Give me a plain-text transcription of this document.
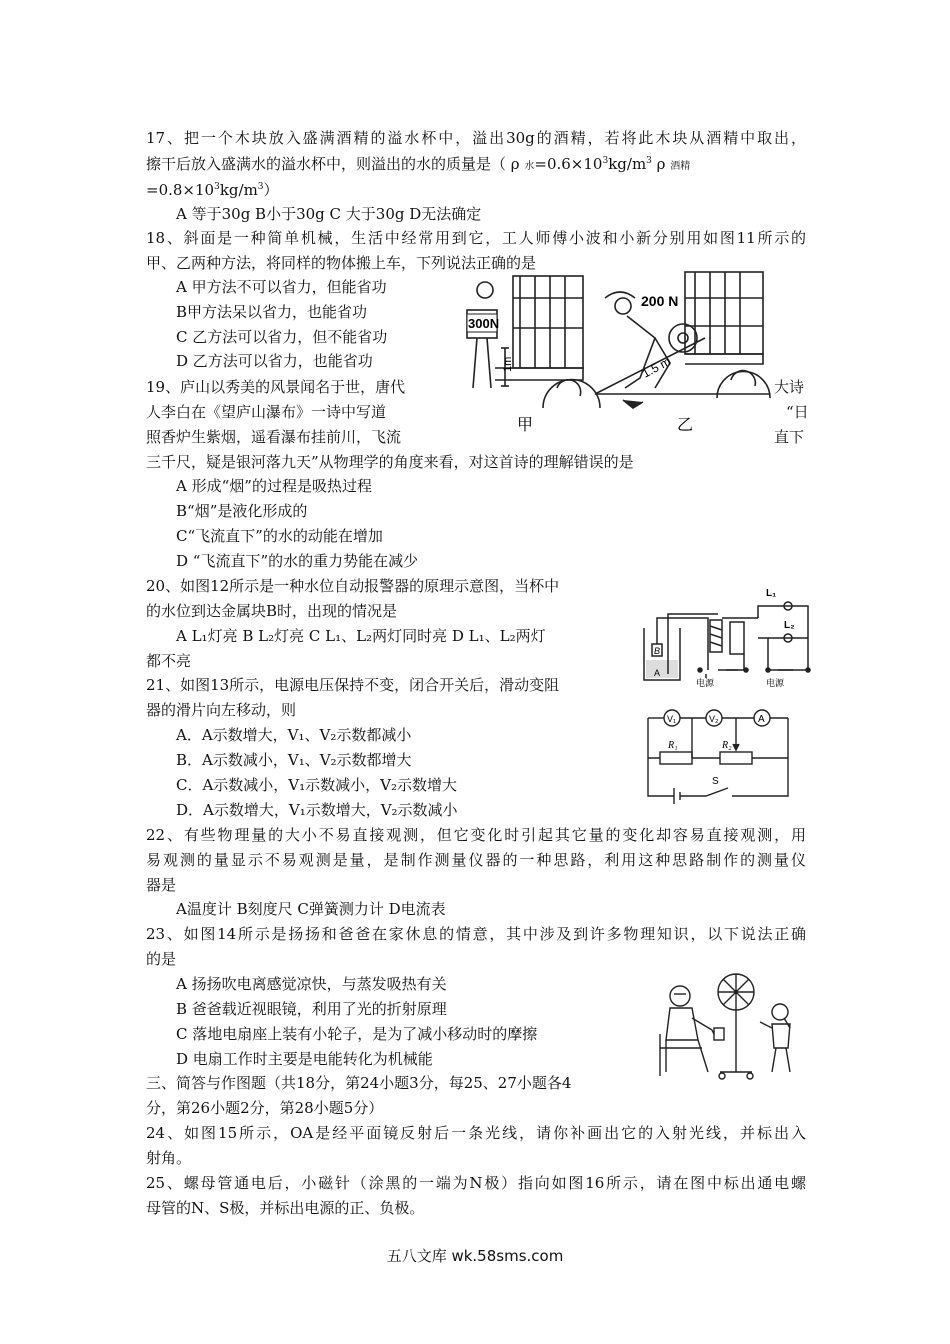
17、把一个木块放入盛满酒精的溢水杯中，溢出30g的酒精，若将此木块从酒精中取出，
擦干后放入盛满水的溢水杯中，则溢出的水的质量是（ ρ 水$=0.6\times 10^3kg/m^3$ ρ 酒精
$=0.8\times 10^3kg/m^3$）
A 等于30g B小于30g C 大于30g D无法确定
18、斜面是一种简单机械，生活中经常用到它，工人师傅小波和小新分别用如图11所示的
甲、乙两种方法，将同样的物体搬上车，下列说法正确的是
A 甲方法不可以省力，但能省功
B甲方法呆以省力，也能省功
C 乙方法可以省力，但不能省功
D 乙方法可以省力，也能省功
300N
200 N
1m	1.5 m
甲	乙
19、庐山以秀美的风景闻名于世，唐代	大诗
人李白在《望庐山瀑布》一诗中写道	“日
照香炉生紫烟，遥看瀑布挂前川，飞流	直下
三千尺，疑是银河落九天”从物理学的角度来看，对这首诗的理解错误的是
A 形成“烟”的过程是吸热过程
B“烟”是液化形成的
C“飞流直下”的水的动能在增加
D “飞流直下”的水的重力势能在减少
20、如图12所示是一种水位自动报警器的原理示意图，当杯中
的水位到达金属块B时，出现的情况是
A L₁灯亮 B L₂灯亮 C L₁、L₂两灯同时亮 D L₁、L₂两灯
都不亮
L₁
L₂
B
A
电源	电源
21、如图13所示，电源电压保持不变，闭合开关后，滑动变阻
器的滑片向左移动，则
A．A示数增大，V₁、V₂示数都减小
B．A示数减小，V₁、V₂示数都增大
C．A示数减小，V₁示数减小，V₂示数增大
D．A示数增大，V₁示数增大，V₂示数减小
V₁	V₂	A
R₁	R₂
S
22、有些物理量的大小不易直接观测，但它变化时引起其它量的变化却容易直接观测，用
易观测的量显示不易观测是量，是制作测量仪器的一种思路，利用这种思路制作的测量仪
器是
A温度计 B刻度尺 C弹簧测力计 D电流表
23、如图14所示是扬扬和爸爸在家休息的情意，其中涉及到许多物理知识，以下说法正确
的是
A 扬扬吹电离感觉凉快，与蒸发吸热有关
B 爸爸载近视眼镜，利用了光的折射原理
C 落地电扇座上装有小轮子，是为了减小移动时的摩擦
D 电扇工作时主要是电能转化为机械能
三、简答与作图题（共18分，第24小题3分，每25、27小题各4
分，第26小题2分，第28小题5分）
24、如图15所示，OA是经平面镜反射后一条光线，请你补画出它的入射光线，并标出入
射角。
25、螺母管通电后，小磁针（涂黑的一端为N极）指向如图16所示，请在图中标出通电螺
母管的N、S极，并标出电源的正、负极。
五八文库 wk.58sms.com
